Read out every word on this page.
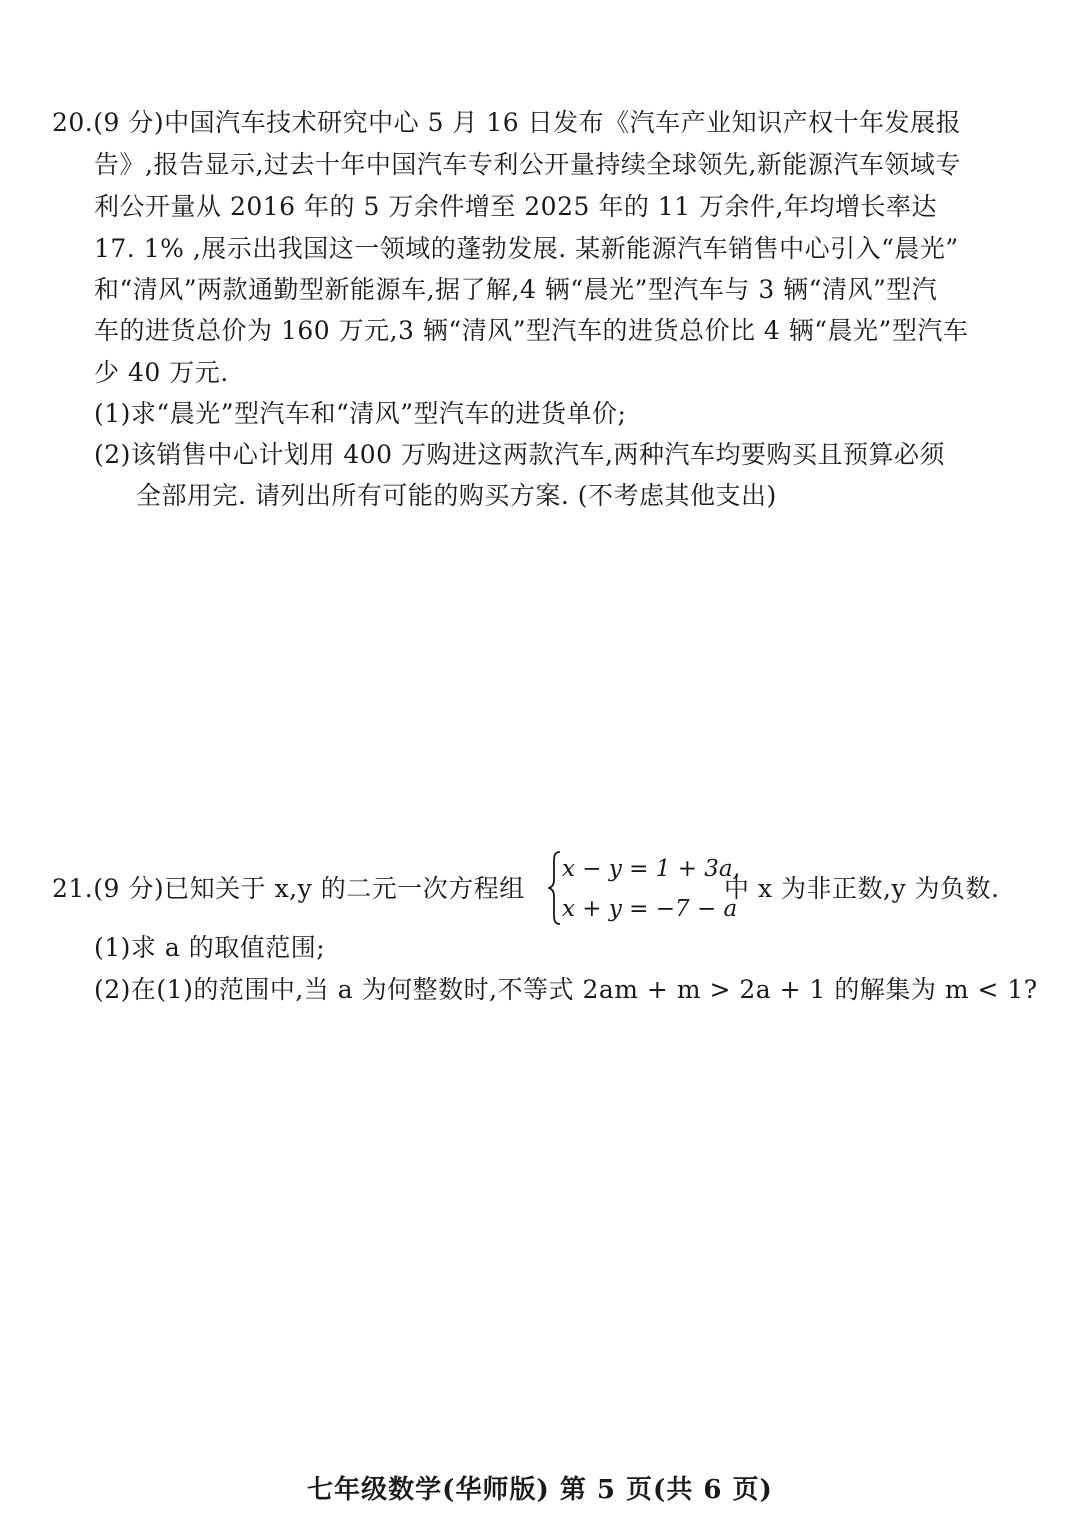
20.(9 分)中国汽车技术研究中心 5 月 16 日发布《汽车产业知识产权十年发展报
告》,报告显示,过去十年中国汽车专利公开量持续全球领先,新能源汽车领域专
利公开量从 2016 年的 5 万余件增至 2025 年的 11 万余件,年均增长率达
17. 1% ,展示出我国这一领域的蓬勃发展. 某新能源汽车销售中心引入“晨光”
和“清风”两款通勤型新能源车,据了解,4 辆“晨光”型汽车与 3 辆“清风”型汽
车的进货总价为 160 万元,3 辆“清风”型汽车的进货总价比 4 辆“晨光”型汽车
少 40 万元.
(1)求“晨光”型汽车和“清风”型汽车的进货单价;
(2)该销售中心计划用 400 万购进这两款汽车,两种汽车均要购买且预算必须
全部用完. 请列出所有可能的购买方案. (不考虑其他支出)
21.(9 分)已知关于 x,y 的二元一次方程组
x − y = 1 + 3a,
x + y = −7 − a
中 x 为非正数,y 为负数.
(1)求 a 的取值范围;
(2)在(1)的范围中,当 a 为何整数时,不等式 2am + m > 2a + 1 的解集为 m < 1?
七年级数学(华师版) 第 5 页(共 6 页)
